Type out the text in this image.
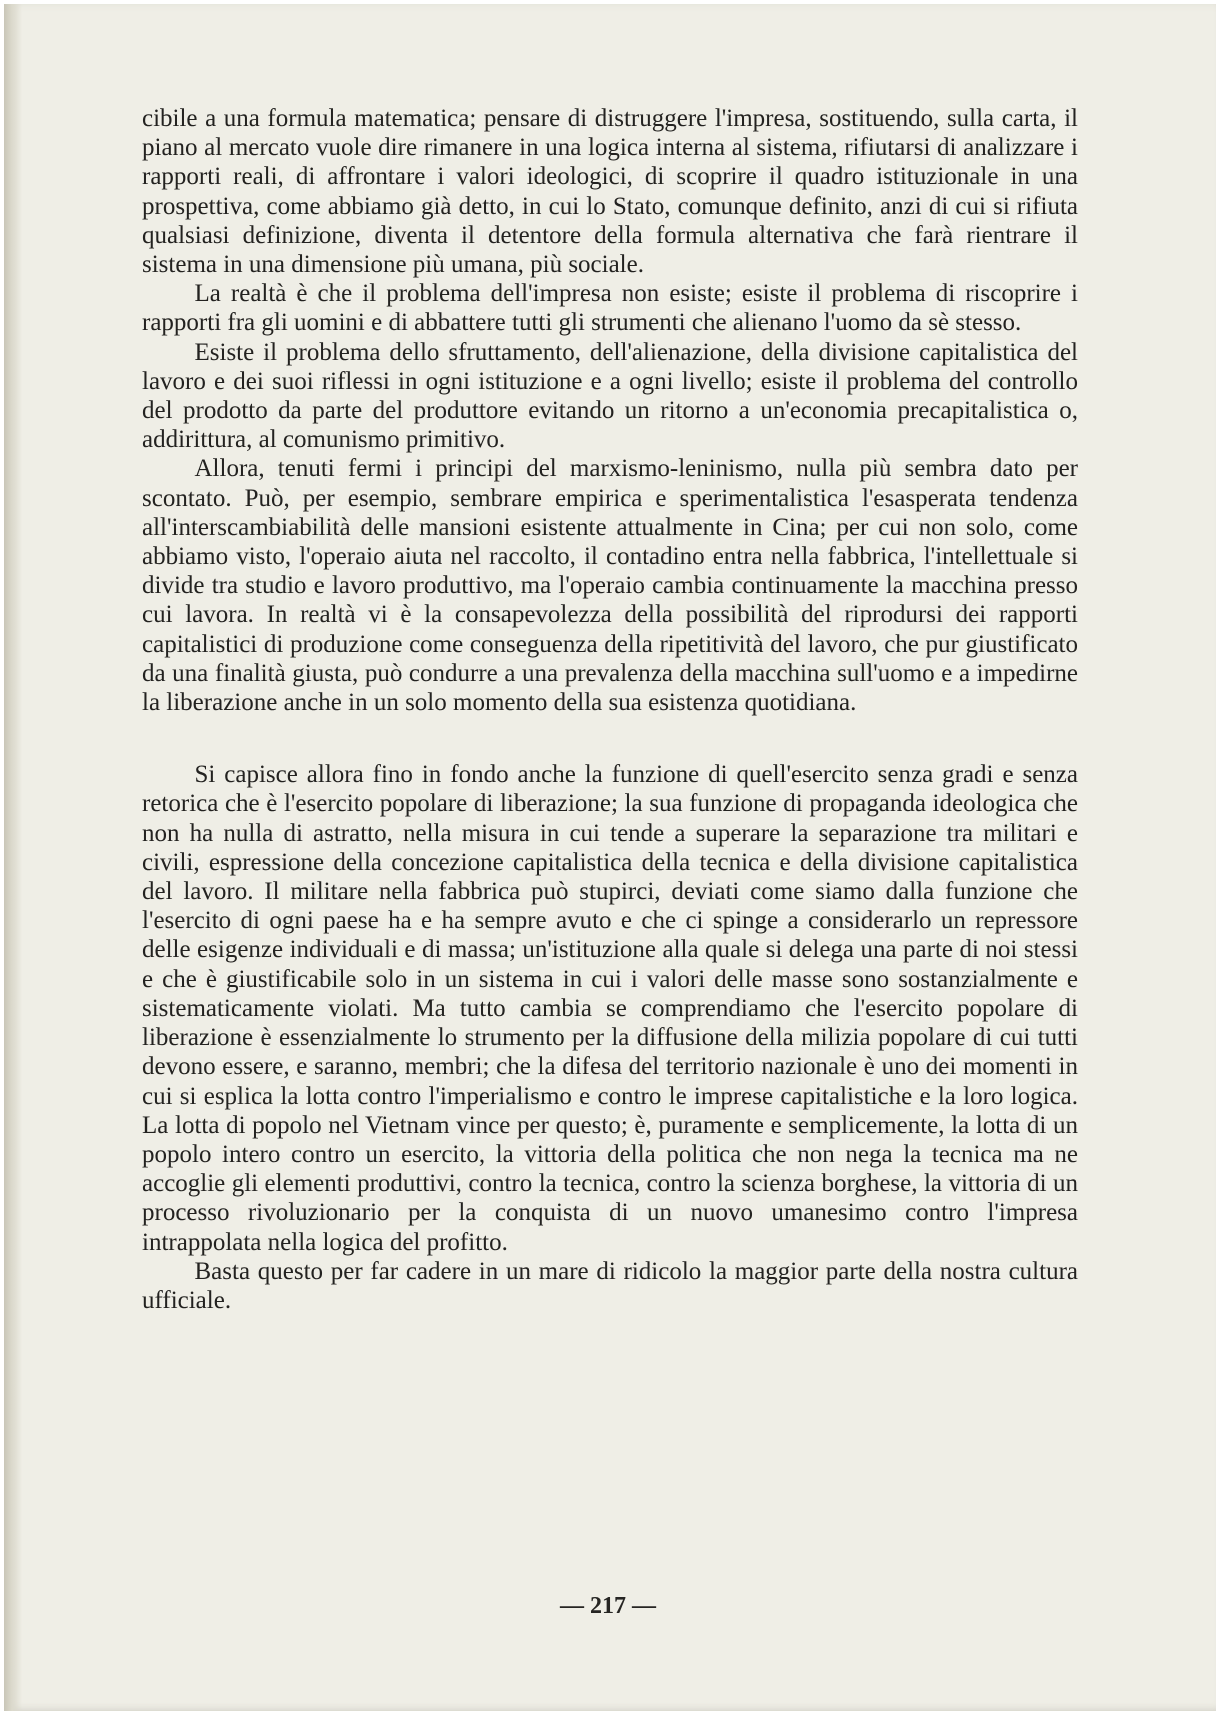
cibile a una formula matematica; pensare di distruggere l'impresa, sostituendo, sulla carta, il piano al mercato vuole dire rimanere in una logica interna al sistema, rifiutarsi di analizzare i rapporti reali, di affrontare i valori ideologici, di scoprire il quadro istituzionale in una prospettiva, come abbiamo già detto, in cui lo Stato, comunque definito, anzi di cui si rifiuta qualsiasi definizione, diventa il detentore della formula alternativa che farà rientrare il sistema in una dimensione più umana, più sociale.

La realtà è che il problema dell'impresa non esiste; esiste il problema di riscoprire i rapporti fra gli uomini e di abbattere tutti gli strumenti che alienano l'uomo da sè stesso.

Esiste il problema dello sfruttamento, dell'alienazione, della divisione capitalistica del lavoro e dei suoi riflessi in ogni istituzione e a ogni livello; esiste il problema del controllo del prodotto da parte del produttore evitando un ritorno a un'economia precapitalistica o, addirittura, al comunismo primitivo.

Allora, tenuti fermi i principi del marxismo-leninismo, nulla più sembra dato per scontato. Può, per esempio, sembrare empirica e sperimentalistica l'esasperata tendenza all'interscambiabilità delle mansioni esistente attualmente in Cina; per cui non solo, come abbiamo visto, l'operaio aiuta nel raccolto, il contadino entra nella fabbrica, l'intellettuale si divide tra studio e lavoro produttivo, ma l'operaio cambia continuamente la macchina presso cui lavora. In realtà vi è la consapevolezza della possibilità del riprodursi dei rapporti capitalistici di produzione come conseguenza della ripetitività del lavoro, che pur giustificato da una finalità giusta, può condurre a una prevalenza della macchina sull'uomo e a impedirne la liberazione anche in un solo momento della sua esistenza quotidiana.

Si capisce allora fino in fondo anche la funzione di quell'esercito senza gradi e senza retorica che è l'esercito popolare di liberazione; la sua funzione di propaganda ideologica che non ha nulla di astratto, nella misura in cui tende a superare la separazione tra militari e civili, espressione della concezione capitalistica della tecnica e della divisione capitalistica del lavoro. Il militare nella fabbrica può stupirci, deviati come siamo dalla funzione che l'esercito di ogni paese ha e ha sempre avuto e che ci spinge a considerarlo un repressore delle esigenze individuali e di massa; un'istituzione alla quale si delega una parte di noi stessi e che è giustificabile solo in un sistema in cui i valori delle masse sono sostanzialmente e sistematicamente violati. Ma tutto cambia se comprendiamo che l'esercito popolare di liberazione è essenzialmente lo strumento per la diffusione della milizia popolare di cui tutti devono essere, e saranno, membri; che la difesa del territorio nazionale è uno dei momenti in cui si esplica la lotta contro l'imperialismo e contro le imprese capitalistiche e la loro logica. La lotta di popolo nel Vietnam vince per questo; è, puramente e semplicemente, la lotta di un popolo intero contro un esercito, la vittoria della politica che non nega la tecnica ma ne accoglie gli elementi produttivi, contro la tecnica, contro la scienza borghese, la vittoria di un processo rivoluzionario per la conquista di un nuovo umanesimo contro l'impresa intrappolata nella logica del profitto.

Basta questo per far cadere in un mare di ridicolo la maggior parte della nostra cultura ufficiale.

— 217 —
